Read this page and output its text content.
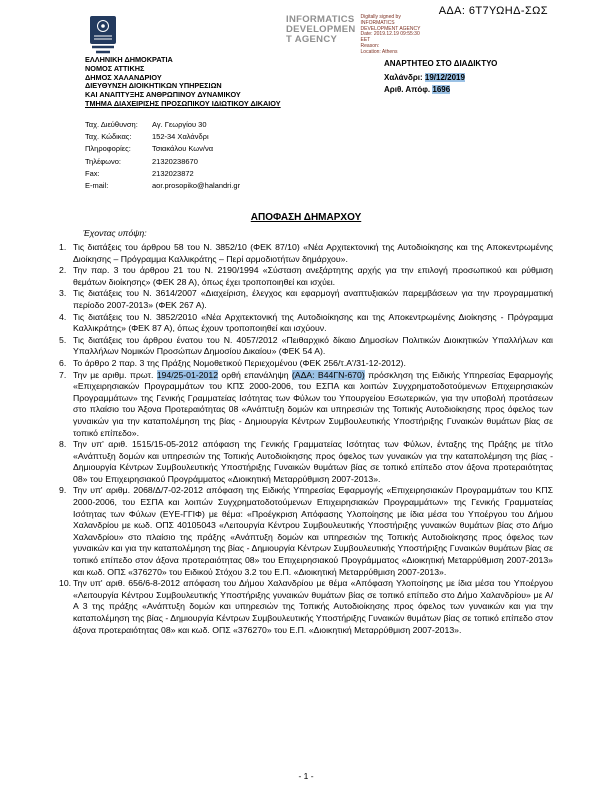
ΑΔΑ: 6Τ7ΥΩΗΔ-ΣΩΣ
INFORMATICS
DEVELOPMEN
T AGENCY
Digitally signed by
INFORMATICS
DEVELOPMENT AGENCY
Date: 2019.12.19 09:55:30
EET
Reason:
Location: Athens
ΑΝΑΡΤΗΤΕΟ ΣΤΟ ΔΙΑΔΙΚΤΥΟ
Χαλάνδρι: 19/12/2019
Αριθ. Απόφ. 1696
ΕΛΛΗΝΙΚΗ ΔΗΜΟΚΡΑΤΙΑ
ΝΟΜΟΣ ΑΤΤΙΚΗΣ
ΔΗΜΟΣ ΧΑΛΑΝΔΡΙΟΥ
ΔΙΕΥΘΥΝΣΗ ΔΙΟΙΚΗΤΙΚΩΝ ΥΠΗΡΕΣΙΩΝ
ΚΑΙ ΑΝΑΠΤΥΞΗΣ ΑΝΘΡΩΠΙΝΟΥ ΔΥΝΑΜΙΚΟΥ
ΤΜΗΜΑ ΔΙΑΧΕΙΡΙΣΗΣ ΠΡΟΣΩΠΙΚΟΥ ΙΔΙΩΤΙΚΟΥ ΔΙΚΑΙΟΥ
Ταχ. Διεύθυνση:	Αγ. Γεωργίου 30
Ταχ. Κώδικας:	152-34 Χαλάνδρι
Πληροφορίες:	Τσιακάλου Κων/να
Τηλέφωνο:	21320238670
Fax:	2132023872
E-mail:	aor.prosopiko@halandri.gr
ΑΠΟΦΑΣΗ ΔΗΜΑΡΧΟΥ
Έχοντας υπόψη:
1. Τις διατάξεις του άρθρου 58 του Ν. 3852/10 (ΦΕΚ 87/10) «Νέα Αρχιτεκτονική της Αυτοδιοίκησης και της Αποκεντρωμένης Διοίκησης – Πρόγραμμα Καλλικράτης – Περί αρμοδιοτήτων δημάρχου».
2. Την παρ. 3 του άρθρου 21 του Ν. 2190/1994 «Σύσταση ανεξάρτητης αρχής για την επιλογή προσωπικού και ρύθμιση θεμάτων διοίκησης» (ΦΕΚ 28 Α), όπως έχει τροποποιηθεί και ισχύει.
3. Τις διατάξεις του Ν. 3614/2007 «Διαχείριση, έλεγχος και εφαρμογή αναπτυξιακών παρεμβάσεων για την προγραμματική περίοδο 2007-2013» (ΦΕΚ 267 Α).
4. Τις διατάξεις του Ν. 3852/2010 «Νέα Αρχιτεκτονική της Αυτοδιοίκησης και της Αποκεντρωμένης Διοίκησης - Πρόγραμμα Καλλικράτης» (ΦΕΚ 87 Α), όπως έχουν τροποποιηθεί και ισχύουν.
5. Τις διατάξεις του άρθρου ένατου του Ν. 4057/2012 «Πειθαρχικό δίκαιο Δημοσίων Πολιτικών Διοικητικών Υπαλλήλων και Υπαλλήλων Νομικών Προσώπων Δημοσίου Δικαίου» (ΦΕΚ 54 Α).
6. Το άρθρο 2 παρ. 3 της Πράξης Νομοθετικού Περιεχομένου (ΦΕΚ 256/τ.Α'/31-12-2012).
7. Την με αριθμ. πρωτ. 194/25-01-2012 ορθή επανάληψη (ΑΔΑ: Β44ΓΝ-670) πρόσκληση της Ειδικής Υπηρεσίας Εφαρμογής «Επιχειρησιακών Προγραμμάτων του ΚΠΣ 2000-2006, του ΕΣΠΑ και λοιπών Συγχρηματοδοτούμενων Επιχειρησιακών Προγραμμάτων» της Γενικής Γραμματείας Ισότητας των Φύλων του Υπουργείου Εσωτερικών, για την υποβολή προτάσεων στο πλαίσιο του Άξονα Προτεραιότητας 08 «Ανάπτυξη δομών και υπηρεσιών της Τοπικής Αυτοδιοίκησης προς όφελος των γυναικών για την καταπολέμηση της βίας - Δημιουργία Κέντρων Συμβουλευτικής Υποστήριξης Γυναικών θυμάτων βίας σε τοπικό επίπεδο».
8. Την υπ' αριθ. 1515/15-05-2012 απόφαση της Γενικής Γραμματείας Ισότητας των Φύλων, ένταξης της Πράξης με τίτλο «Ανάπτυξη δομών και υπηρεσιών της Τοπικής Αυτοδιοίκησης προς όφελος των γυναικών για την καταπολέμηση της βίας - Δημιουργία Κέντρων Συμβουλευτικής Υποστήριξης Γυναικών θυμάτων βίας σε τοπικό επίπεδο στον άξονα προτεραιότητας 08» του Επιχειρησιακού Προγράμματος «Διοικητική Μεταρρύθμιση 2007-2013».
9. Την υπ' αριθμ. 2068/Δ/7-02-2012 απόφαση της Ειδικής Υπηρεσίας Εφαρμογής «Επιχειρησιακών Προγραμμάτων του ΚΠΣ 2000-2006, του ΕΣΠΑ και λοιπών Συγχρηματοδοτούμενων Επιχειρησιακών Προγραμμάτων» της Γενικής Γραμματείας Ισότητας των Φύλων (ΕΥΕ-ΓΓΙΦ) με θέμα: «Προέγκριση Απόφασης Υλοποίησης με ίδια μέσα του Υποέργου του Δήμου Χαλανδρίου με κωδ. ΟΠΣ 40105043 «Λειτουργία Κέντρου Συμβουλευτικής Υποστήριξης γυναικών θυμάτων βίας στο Δήμο Χαλανδρίου» στο πλαίσιο της πράξης «Ανάπτυξη δομών και υπηρεσιών της Τοπικής Αυτοδιοίκησης προς όφελος των γυναικών και για την καταπολέμηση της βίας - Δημιουργία Κέντρων Συμβουλευτικής Υποστήριξης Γυναικών θυμάτων βίας σε τοπικό επίπεδο στον άξονα προτεραιότητας 08» του Επιχειρησιακού Προγράμματος «Διοικητική Μεταρρύθμιση 2007-2013» και κωδ. ΟΠΣ «376270» του Ειδικού Στόχου 3.2 του Ε.Π. «Διοικητική Μεταρρύθμιση 2007-2013».
10. Την υπ' αριθ. 656/6-8-2012 απόφαση του Δήμου Χαλανδρίου με θέμα «Απόφαση Υλοποίησης με ίδια μέσα του Υποέργου «Λειτουργία Κέντρου Συμβουλευτικής Υποστήριξης γυναικών θυμάτων βίας σε τοπικό επίπεδο στο Δήμο Χαλανδρίου» με Α/Α 3 της πράξης «Ανάπτυξη δομών και υπηρεσιών της Τοπικής Αυτοδιοίκησης προς όφελος των γυναικών και για την καταπολέμηση της βίας - Δημιουργία Κέντρων Συμβουλευτικής Υποστήριξης Γυναικών θυμάτων βίας σε τοπικό επίπεδο στον άξονα προτεραιότητας 08» και κωδ. ΟΠΣ «376270» του Ε.Π. «Διοικητική Μεταρρύθμιση 2007-2013».
- 1 -
